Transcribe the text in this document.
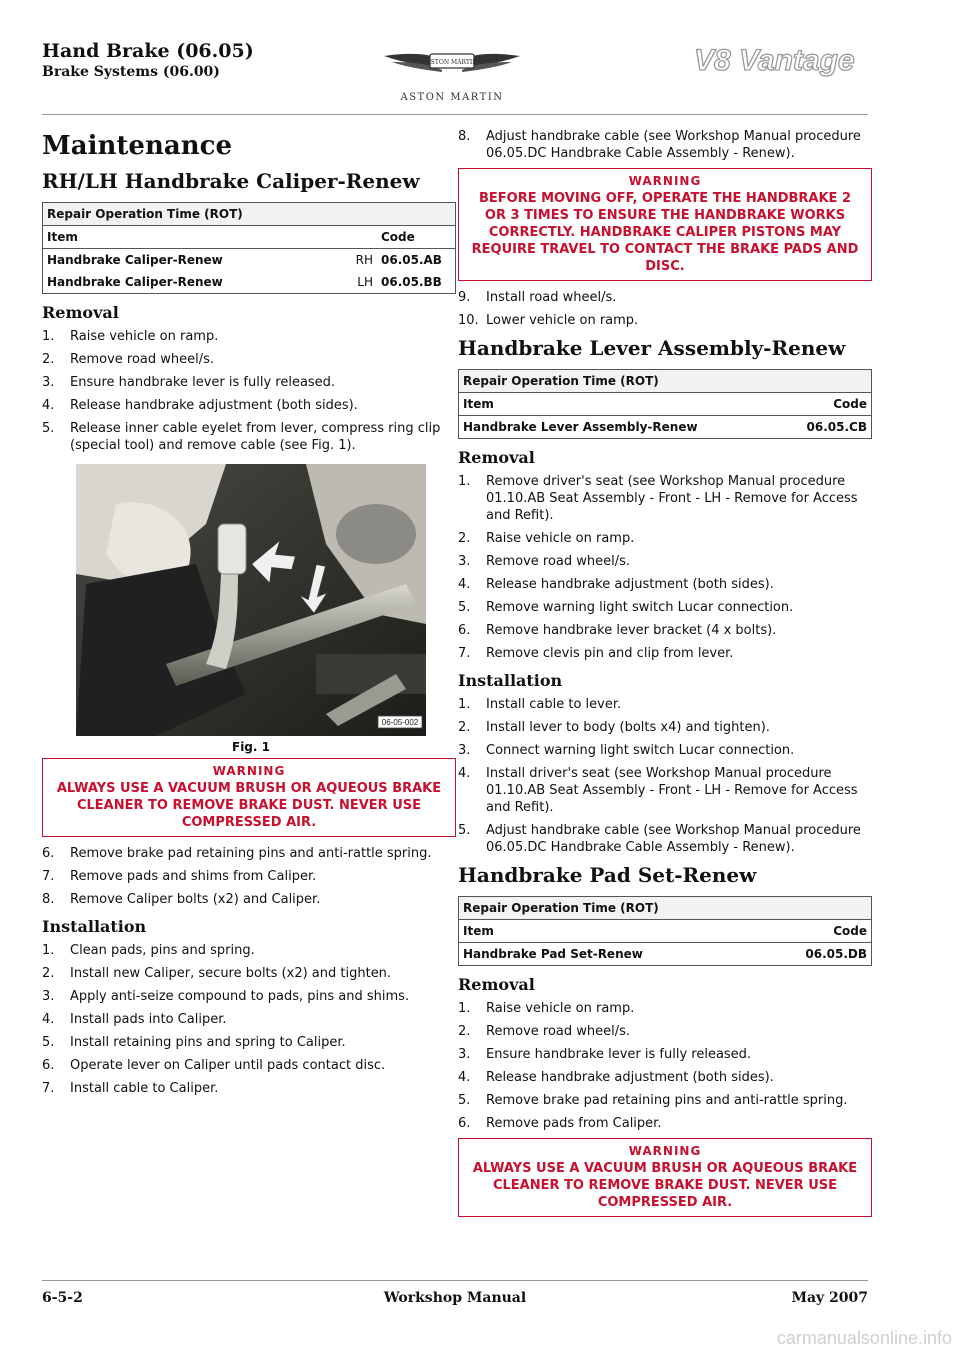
Hand Brake (06.05)
Brake Systems (06.00)
ASTON MARTIN
ASTON MARTIN
V8 Vantage
Maintenance
RH/LH Handbrake Caliper-Renew
Repair Operation Time (ROT)		
Item		Code
Handbrake Caliper-Renew	RH	06.05.AB
Handbrake Caliper-Renew	LH	06.05.BB
Removal
1. Raise vehicle on ramp.
2. Remove road wheel/s.
3. Ensure handbrake lever is fully released.
4. Release handbrake adjustment (both sides).
5. Release inner cable eyelet from lever, compress ring clip (special tool) and remove cable (see Fig. 1).
06-05-002
Fig. 1
WARNING
ALWAYS USE A VACUUM BRUSH OR AQUEOUS BRAKE CLEANER TO REMOVE BRAKE DUST. NEVER USE COMPRESSED AIR.
6. Remove brake pad retaining pins and anti-rattle spring.
7. Remove pads and shims from Caliper.
8. Remove Caliper bolts (x2) and Caliper.
Installation
1. Clean pads, pins and spring.
2. Install new Caliper, secure bolts (x2) and tighten.
3. Apply anti-seize compound to pads, pins and shims.
4. Install pads into Caliper.
5. Install retaining pins and spring to Caliper.
6. Operate lever on Caliper until pads contact disc.
7. Install cable to Caliper.
8. Adjust handbrake cable (see Workshop Manual procedure 06.05.DC Handbrake Cable Assembly - Renew).
WARNING
BEFORE MOVING OFF, OPERATE THE HANDBRAKE 2 OR 3 TIMES TO ENSURE THE HANDBRAKE WORKS CORRECTLY. HANDBRAKE CALIPER PISTONS MAY REQUIRE TRAVEL TO CONTACT THE BRAKE PADS AND DISC.
9. Install road wheel/s.
10. Lower vehicle on ramp.
Handbrake Lever Assembly-Renew
Repair Operation Time (ROT)	
Item	Code
Handbrake Lever Assembly-Renew	06.05.CB
Removal
1. Remove driver's seat (see Workshop Manual procedure 01.10.AB Seat Assembly - Front - LH - Remove for Access and Refit).
2. Raise vehicle on ramp.
3. Remove road wheel/s.
4. Release handbrake adjustment (both sides).
5. Remove warning light switch Lucar connection.
6. Remove handbrake lever bracket (4 x bolts).
7. Remove clevis pin and clip from lever.
Installation
1. Install cable to lever.
2. Install lever to body (bolts x4) and tighten).
3. Connect warning light switch Lucar connection.
4. Install driver's seat (see Workshop Manual procedure 01.10.AB Seat Assembly - Front - LH - Remove for Access and Refit).
5. Adjust handbrake cable (see Workshop Manual procedure 06.05.DC Handbrake Cable Assembly - Renew).
Handbrake Pad Set-Renew
Repair Operation Time (ROT)	
Item	Code
Handbrake Pad Set-Renew	06.05.DB
Removal
1. Raise vehicle on ramp.
2. Remove road wheel/s.
3. Ensure handbrake lever is fully released.
4. Release handbrake adjustment (both sides).
5. Remove brake pad retaining pins and anti-rattle spring.
6. Remove pads from Caliper.
WARNING
ALWAYS USE A VACUUM BRUSH OR AQUEOUS BRAKE CLEANER TO REMOVE BRAKE DUST. NEVER USE COMPRESSED AIR.
Workshop Manual
6-5-2	May 2007
carmanualsonline.info
